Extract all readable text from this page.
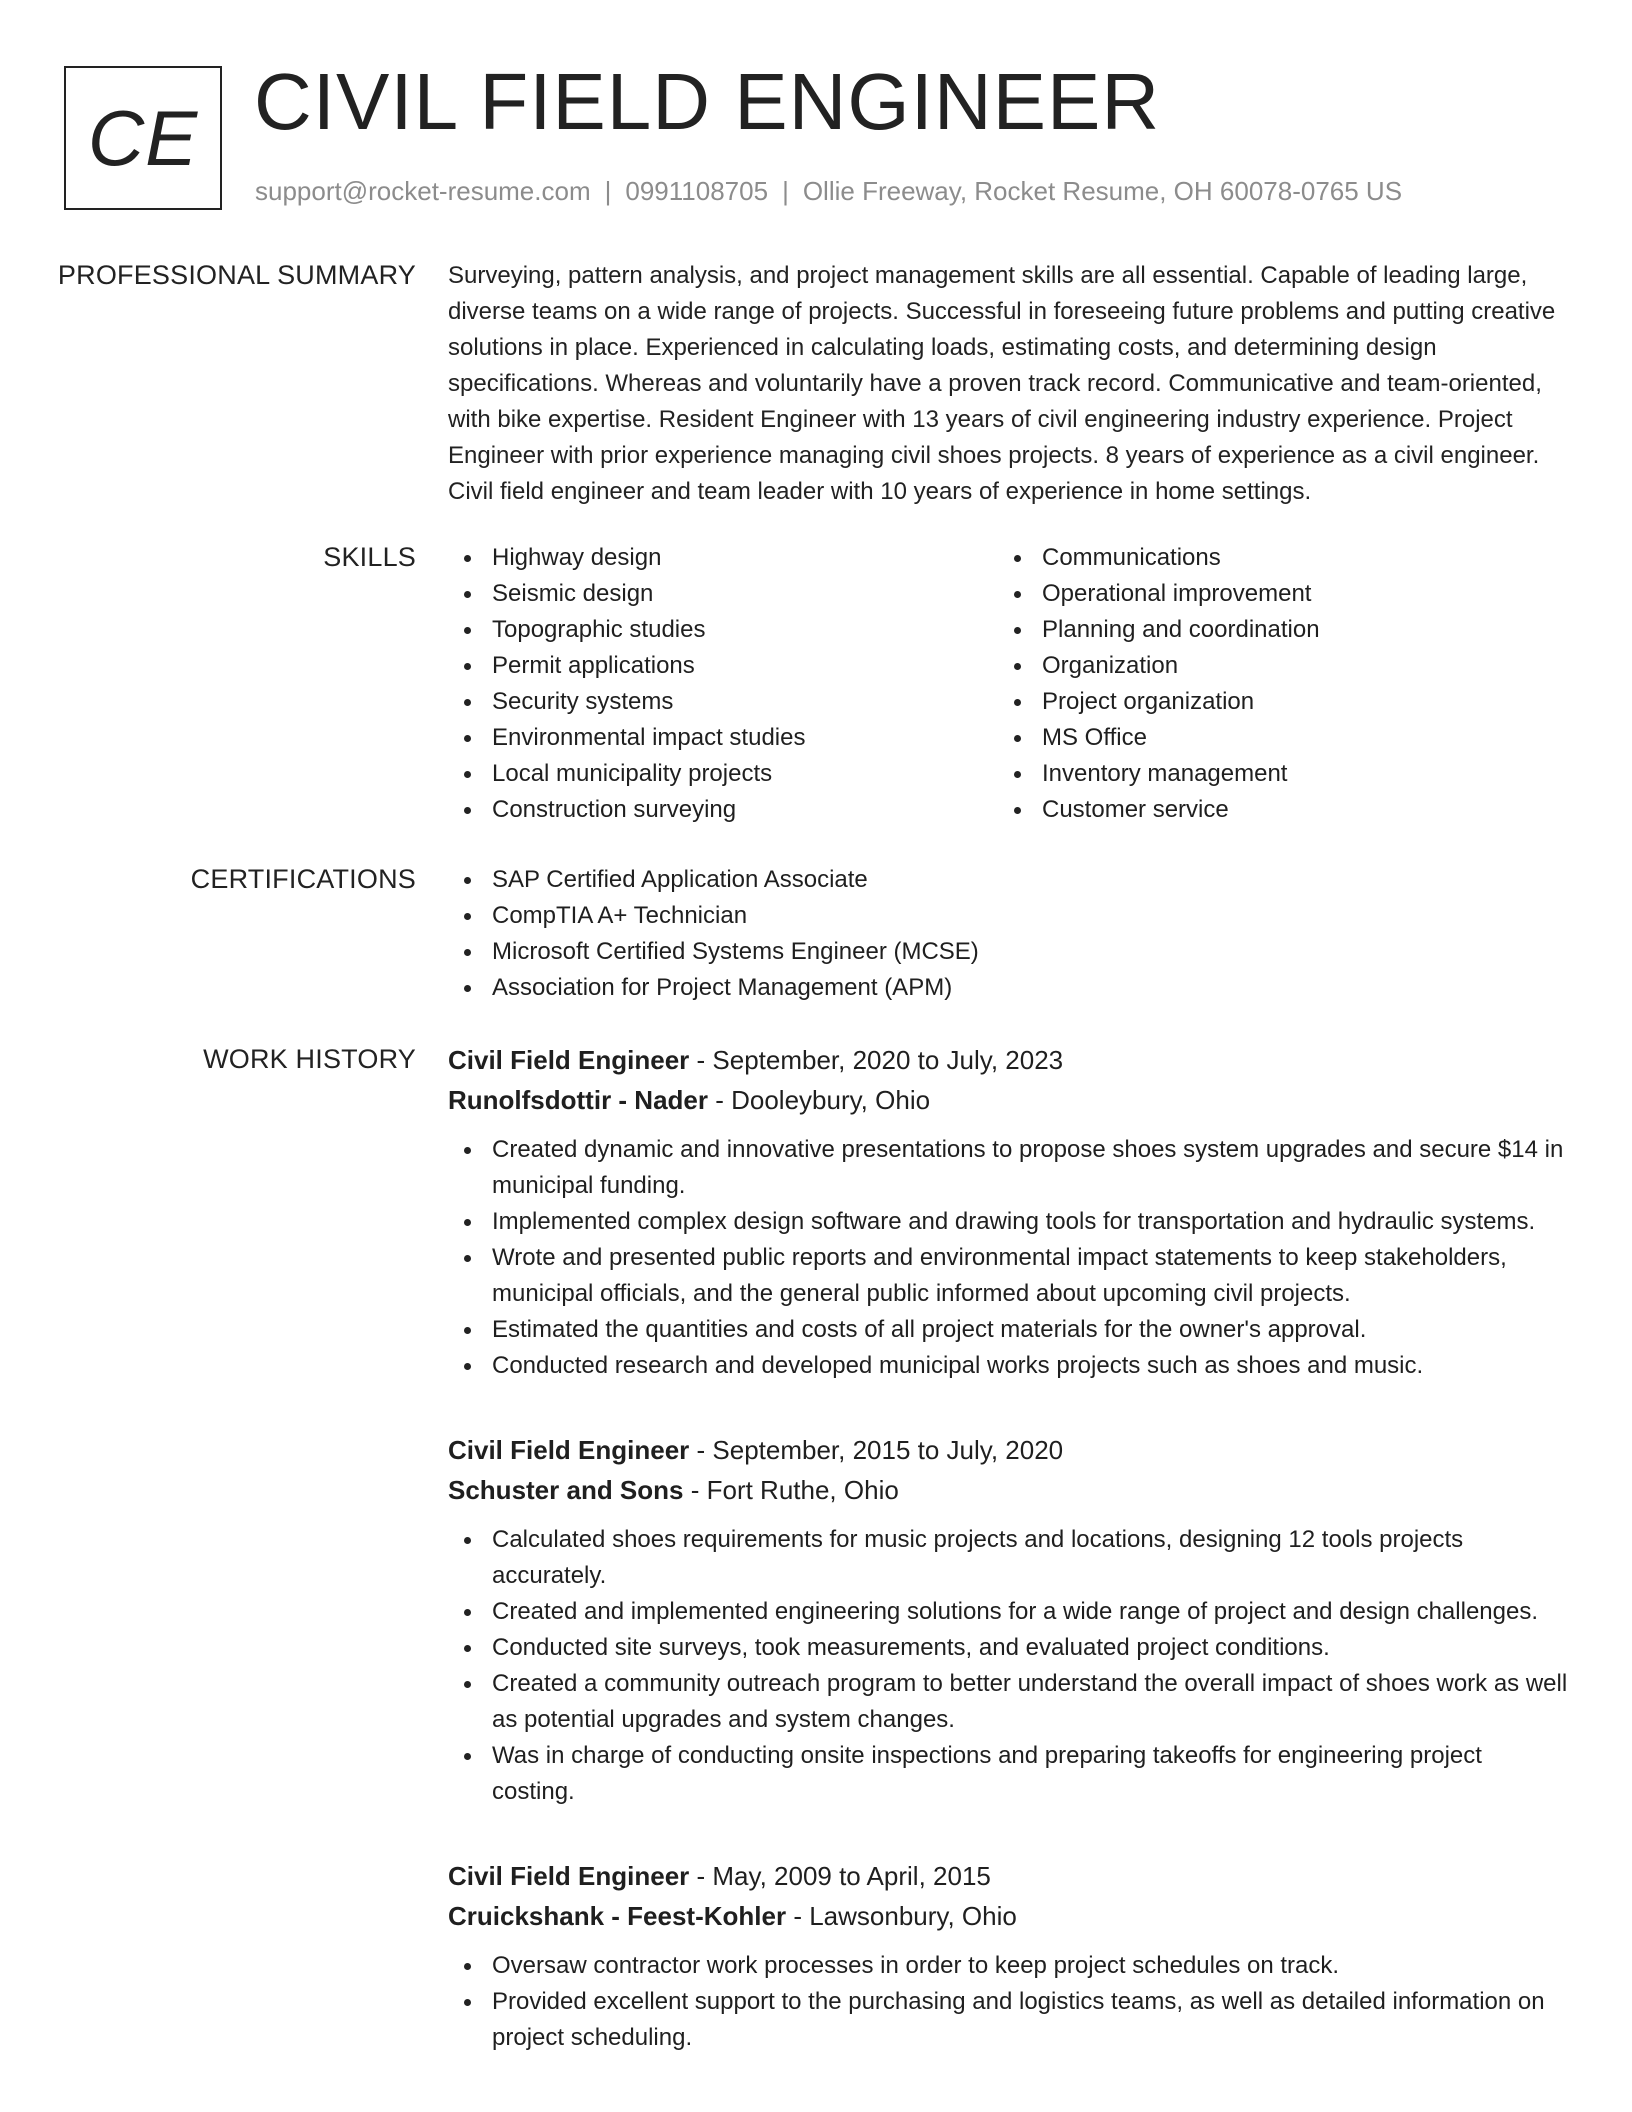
CE CIVIL FIELD ENGINEER
support@rocket-resume.com | 0991108705 | Ollie Freeway, Rocket Resume, OH 60078-0765 US
PROFESSIONAL SUMMARY Surveying, pattern analysis, and project management skills are all essential. Capable of leading large, diverse teams on a wide range of projects. Successful in foreseeing future problems and putting creative solutions in place. Experienced in calculating loads, estimating costs, and determining design specifications. Whereas and voluntarily have a proven track record. Communicative and team-oriented, with bike expertise. Resident Engineer with 13 years of civil engineering industry experience. Project Engineer with prior experience managing civil shoes projects. 8 years of experience as a civil engineer. Civil field engineer and team leader with 10 years of experience in home settings.

SKILLS	Highway design
Seismic design
Topographic studies
Permit applications
Security systems
Environmental impact studies
Local municipality projects
Construction surveying
Communications
Operational improvement
Planning and coordination
Organization
Project organization
MS Office
Inventory management
Customer service
CERTIFICATIONS	SAP Certified Application Associate
CompTIA A+ Technician
Microsoft Certified Systems Engineer (MCSE)
Association for Project Management (APM)
WORK HISTORY Civil Field Engineer - September, 2020 to July, 2023
Runolfsdottir - Nader - Dooleybury, Ohio
Created dynamic and innovative presentations to propose shoes system upgrades and secure $14 in municipal funding.
Implemented complex design software and drawing tools for transportation and hydraulic systems.
Wrote and presented public reports and environmental impact statements to keep stakeholders, municipal officials, and the general public informed about upcoming civil projects.
Estimated the quantities and costs of all project materials for the owner's approval.
Conducted research and developed municipal works projects such as shoes and music.
Civil Field Engineer - September, 2015 to July, 2020
Schuster and Sons - Fort Ruthe, Ohio
Calculated shoes requirements for music projects and locations, designing 12 tools projects accurately.
Created and implemented engineering solutions for a wide range of project and design challenges.
Conducted site surveys, took measurements, and evaluated project conditions.
Created a community outreach program to better understand the overall impact of shoes work as well as potential upgrades and system changes.
Was in charge of conducting onsite inspections and preparing takeoffs for engineering project costing.
Civil Field Engineer - May, 2009 to April, 2015
Cruickshank - Feest-Kohler - Lawsonbury, Ohio
Oversaw contractor work processes in order to keep project schedules on track.
Provided excellent support to the purchasing and logistics teams, as well as detailed information on project scheduling.
